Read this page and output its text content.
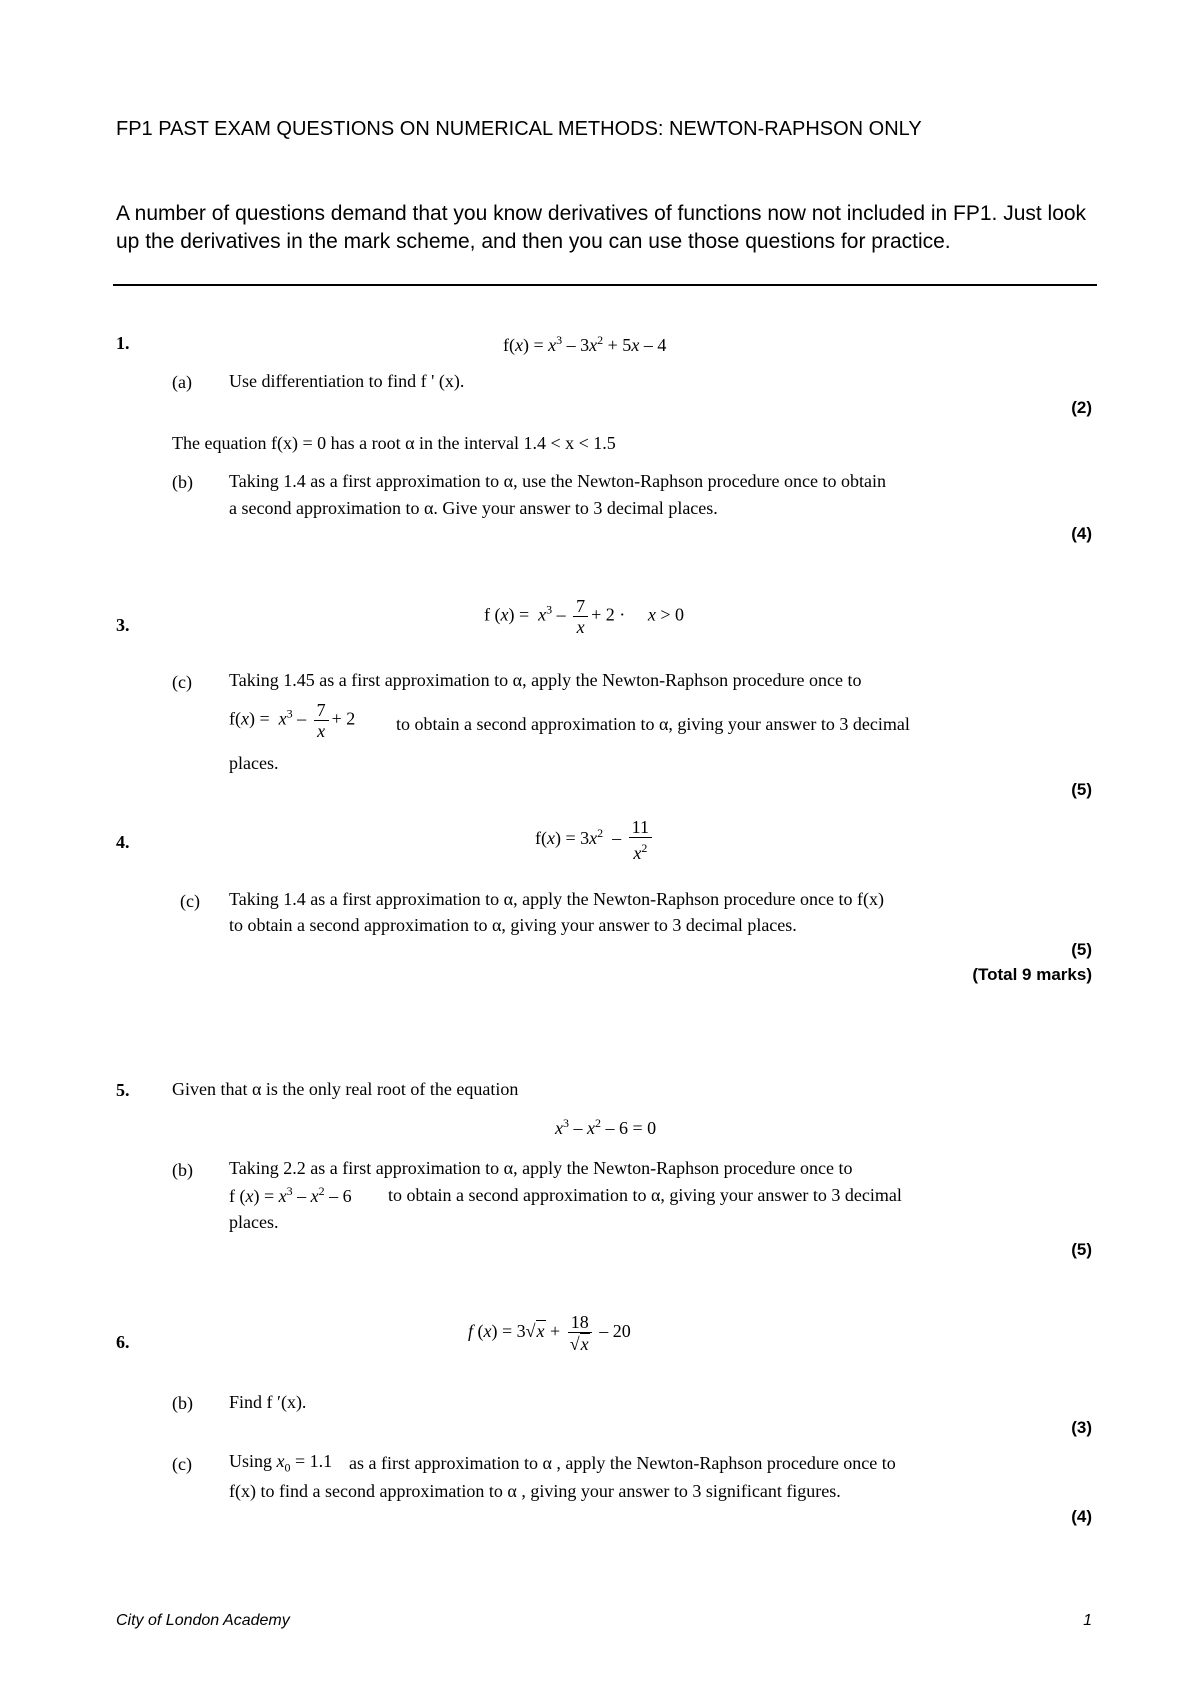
FP1 PAST EXAM QUESTIONS ON NUMERICAL METHODS: NEWTON-RAPHSON ONLY
A number of questions demand that you know derivatives of functions now not included in FP1. Just look up the derivatives in the mark scheme, and then you can use those questions for practice.
1.	$f(x) = x^3 - 3x^2 + 5x - 4$
(a) Use differentiation to find f ' (x).
(2)
The equation f(x) = 0 has a root α in the interval 1.4 < x < 1.5
(b) Taking 1.4 as a first approximation to α, use the Newton-Raphson procedure once to obtain
a second approximation to α. Give your answer to 3 decimal places.
(4)
3.
f $(x) = x^3 - \frac{7}{x} + 2$ ·     x > 0
(c) Taking 1.45 as a first approximation to α, apply the Newton-Raphson procedure once to
$f(x) = x^3 - \frac{7}{x} + 2$ to obtain a second approximation to α, giving your answer to 3 decimal
places.
(5)
4.	$f(x) = 3x^2 - \frac{11}{x^2}$
(c) Taking 1.4 as a first approximation to α, apply the Newton-Raphson procedure once to f(x)
to obtain a second approximation to α, giving your answer to 3 decimal places.
(5)
(Total 9 marks)
5. Given that α is the only real root of the equation
$x^3 - x^2 - 6 = 0$
(b) Taking 2.2 as a first approximation to α, apply the Newton-Raphson procedure once to
f $(x) = x^3 - x^2 - 6$ to obtain a second approximation to α, giving your answer to 3 decimal
places.
(5)
6.
f $(x) = 3√x + \frac{18}{√x} - 20$
(b) Find f ′(x).
(3)
(c) Using $x_0 = 1.1$ as a first approximation to α , apply the Newton-Raphson procedure once to
f(x) to find a second approximation to α , giving your answer to 3 significant figures.
(4)
City of London Academy	1
